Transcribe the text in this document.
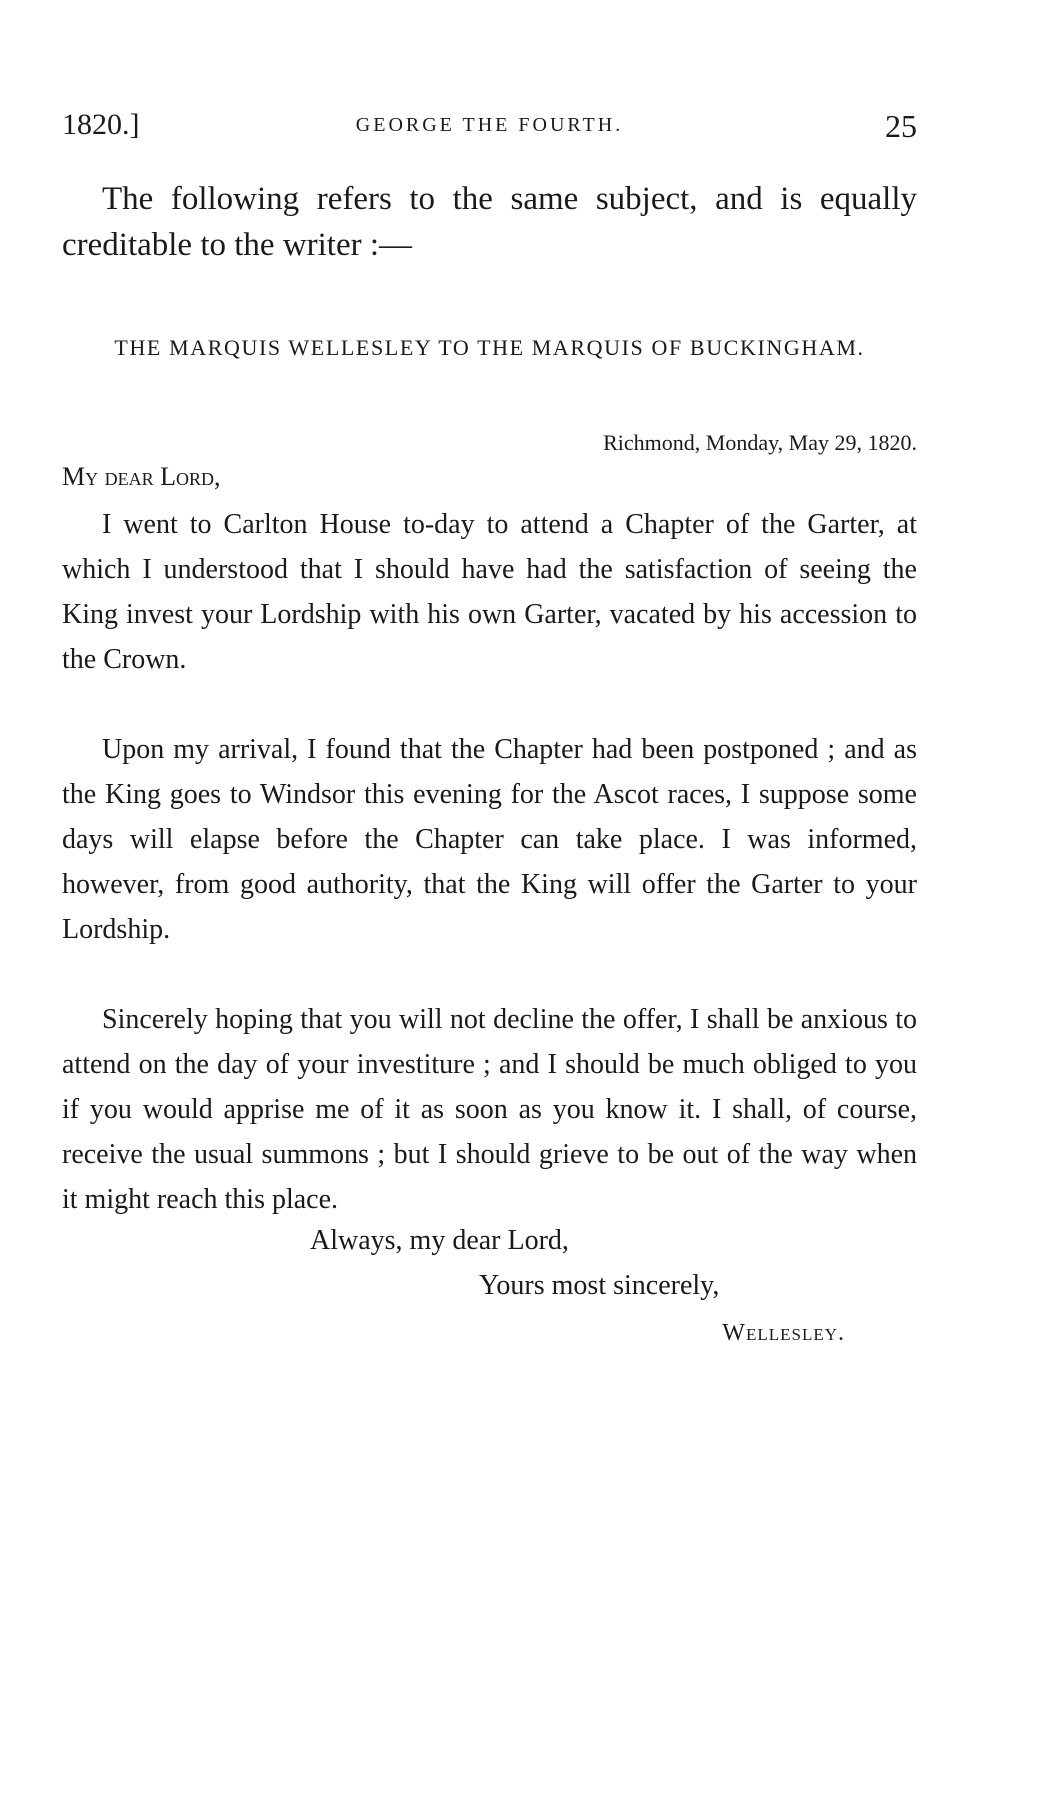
1820.]	GEORGE THE FOURTH.	25

The following refers to the same subject, and is equally creditable to the writer :—

THE MARQUIS WELLESLEY TO THE MARQUIS OF BUCKINGHAM.

Richmond, Monday, May 29, 1820.

My dear Lord,

I went to Carlton House to-day to attend a Chapter of the Garter, at which I understood that I should have had the satisfaction of seeing the King invest your Lordship with his own Garter, vacated by his accession to the Crown.

Upon my arrival, I found that the Chapter had been postponed ; and as the King goes to Windsor this evening for the Ascot races, I suppose some days will elapse before the Chapter can take place. I was informed, however, from good authority, that the King will offer the Garter to your Lordship.

Sincerely hoping that you will not decline the offer, I shall be anxious to attend on the day of your investiture ; and I should be much obliged to you if you would apprise me of it as soon as you know it. I shall, of course, receive the usual summons ; but I should grieve to be out of the way when it might reach this place.

Always, my dear Lord,

Yours most sincerely,

Wellesley.
